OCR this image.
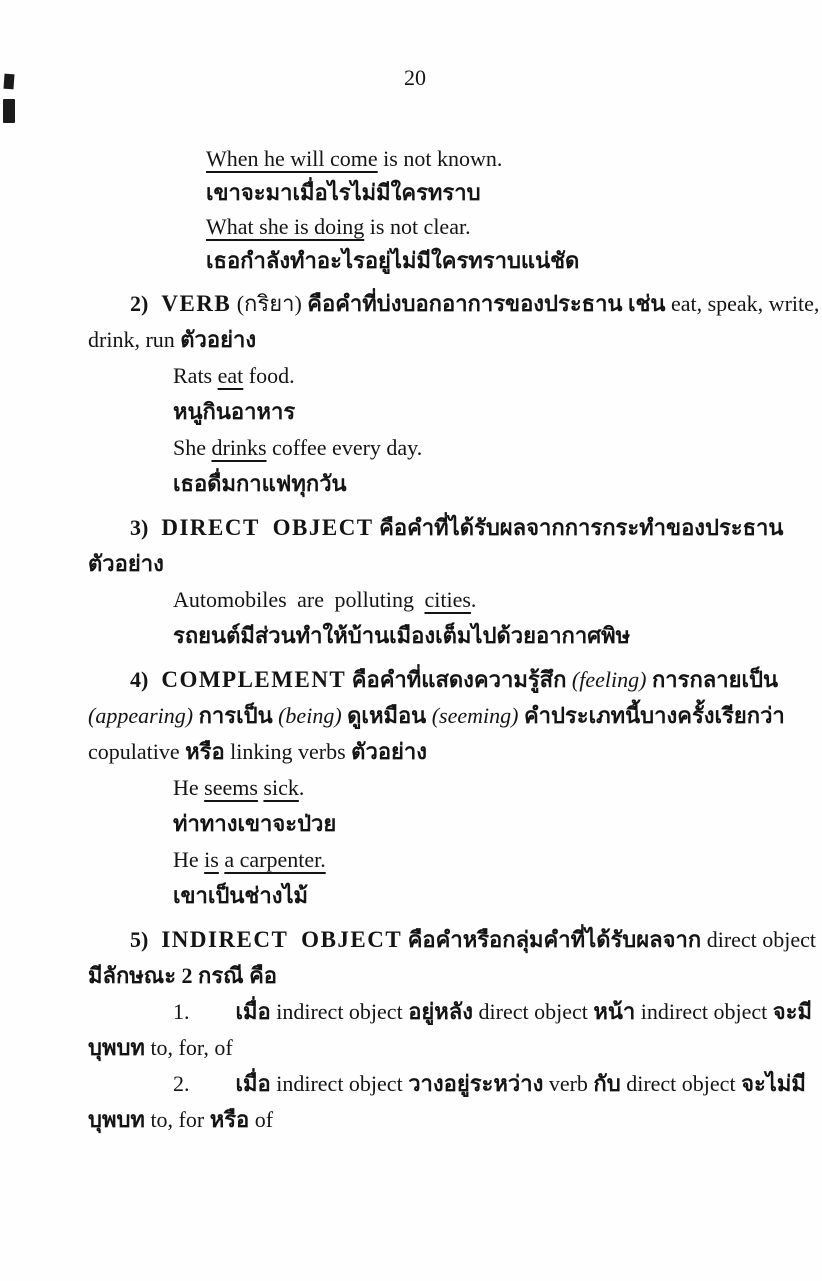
20
When he will come is not known.
เขาจะมาเมื่อไรไม่มีใครทราบ
What she is doing is not clear.
เธอกำลังทำอะไรอยู่ไม่มีใครทราบแน่ชัด
2) VERB (กริยา) คือคำที่บ่งบอกอาการของประธาน เช่น eat, speak, write,
drink, run ตัวอย่าง
Rats eat food.
หนูกินอาหาร
She drinks coffee every day.
เธอดื่มกาแฟทุกวัน
3) DIRECT OBJECT คือคำที่ได้รับผลจากการกระทำของประธาน
ตัวอย่าง
Automobiles are polluting cities.
รถยนต์มีส่วนทำให้บ้านเมืองเต็มไปด้วยอากาศพิษ
4) COMPLEMENT คือคำที่แสดงความรู้สึก (feeling) การกลายเป็น
(appearing) การเป็น (being) ดูเหมือน (seeming) คำประเภทนี้บางครั้งเรียกว่า
copulative หรือ linking verbs ตัวอย่าง
He seems sick.
ท่าทางเขาจะป่วย
He is a carpenter.
เขาเป็นช่างไม้
5) INDIRECT OBJECT คือคำหรือกลุ่มคำที่ได้รับผลจาก direct object
มีลักษณะ 2 กรณี คือ
1. เมื่อ indirect object อยู่หลัง direct object หน้า indirect object จะมี
บุพบท to, for, of
2. เมื่อ indirect object วางอยู่ระหว่าง verb กับ direct object จะไม่มี
บุพบท to, for หรือ of
